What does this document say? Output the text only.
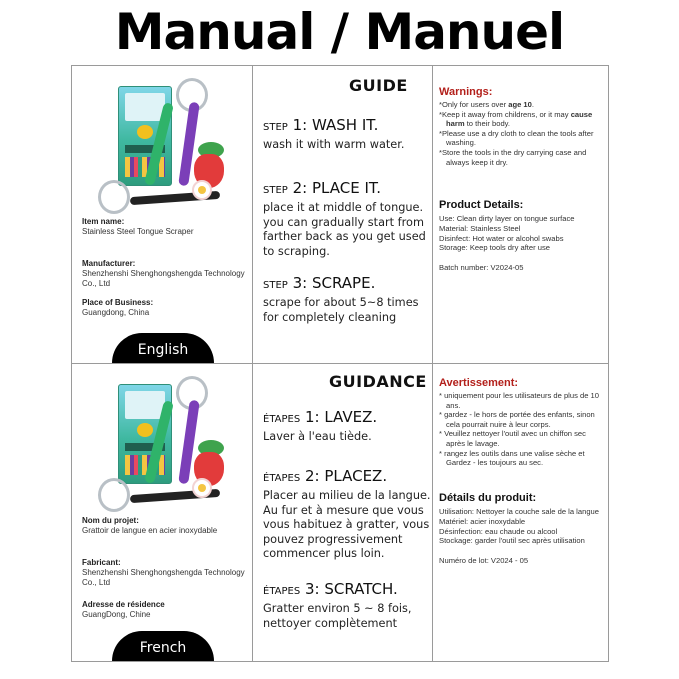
Manual / Manuel

Item name:

Stainless Steel Tongue Scraper

Manufacturer:

Shenzhenshi Shenghongshengda Technology Co., Ltd

Place of Business:

Guangdong, China

English
GUIDE

STEP 1: WASH IT.

wash it with warm water.

STEP 2: PLACE IT.

place it at middle of tongue. you can gradually start from farther back as you get used to scraping.

STEP 3: SCRAPE.

scrape for about 5~8 times for completely cleaning

Warnings:

*Only for users over age 10.
*Keep it away from childrens, or it may cause harm to their body.
*Please use a dry cloth to clean the tools after washing.
*Store the tools in the dry carrying case and always keep it dry.

Product Details:

Use: Clean dirty layer on tongue surface
Material: Stainless Steel
Disinfect: Hot water or alcohol swabs
Storage: Keep tools dry after use

Batch number: V2024-05

Nom du projet:

Grattoir de langue en acier inoxydable

Fabricant:

Shenzhenshi Shenghongshengda Technology Co., Ltd

Adresse de résidence

GuangDong, Chine

French
GUIDANCE

ÉTAPES 1: LAVEZ.

Laver à l'eau tiède.

ÉTAPES 2: PLACEZ.

Placer au milieu de la langue. Au fur et à mesure que vous vous habituez à gratter, vous pouvez progressivement commencer plus loin.

ÉTAPES 3: SCRATCH.

Gratter environ 5 ~ 8 fois, nettoyer complètement

Avertissement:

* uniquement pour les utilisateurs de plus de 10 ans.
* gardez - le hors de portée des enfants, sinon cela pourrait nuire à leur corps.
* Veuillez nettoyer l'outil avec un chiffon sec après le lavage.
* rangez les outils dans une valise sèche et Gardez - les toujours au sec.

Détails du produit:

Utilisation: Nettoyer la couche sale de la langue
Matériel: acier inoxydable
Désinfection: eau chaude ou alcool
Stockage: garder l'outil sec après utilisation

Numéro de lot: V2024 - 05
